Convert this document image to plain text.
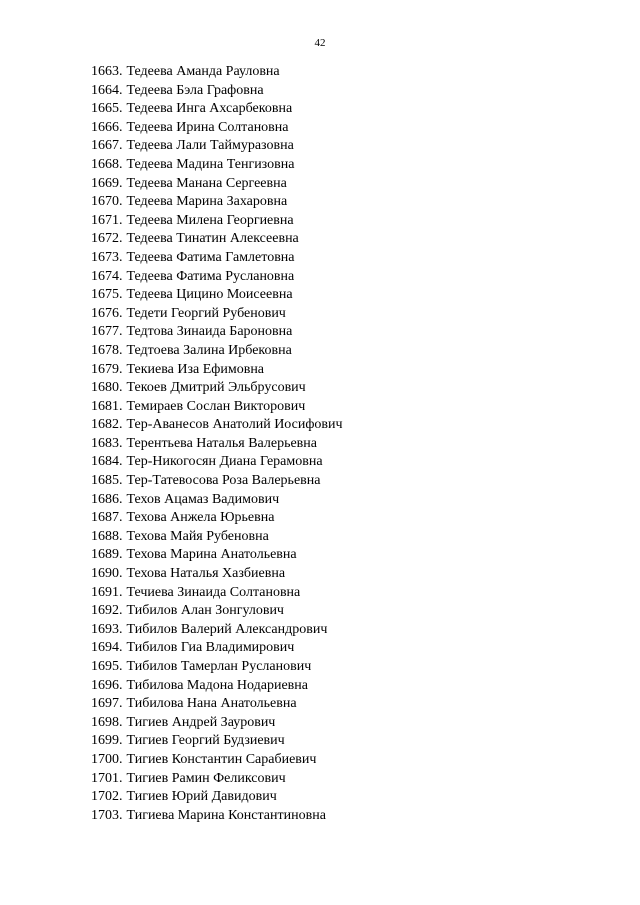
42
1663. Тедеева Аманда Рауловна
1664. Тедеева Бэла Графовна
1665. Тедеева Инга Ахсарбековна
1666. Тедеева Ирина Солтановна
1667. Тедеева Лали Таймуразовна
1668. Тедеева Мадина Тенгизовна
1669. Тедеева Манана Сергеевна
1670. Тедеева Марина Захаровна
1671. Тедеева Милена Георгиевна
1672. Тедеева Тинатин Алексеевна
1673. Тедеева Фатима Гамлетовна
1674. Тедеева Фатима Руслановна
1675. Тедеева Цицино Моисеевна
1676. Тедети Георгий Рубенович
1677. Тедтова Зинаида Бароновна
1678. Тедтоева Залина Ирбековна
1679. Текиева Иза Ефимовна
1680. Текоев Дмитрий Эльбрусович
1681. Темираев Сослан Викторович
1682. Тер-Аванесов Анатолий Иосифович
1683. Терентьева Наталья Валерьевна
1684. Тер-Никогосян Диана Герамовна
1685. Тер-Татевосова Роза Валерьевна
1686. Техов Ацамаз Вадимович
1687. Техова Анжела Юрьевна
1688. Техова Майя Рубеновна
1689. Техова Марина Анатольевна
1690. Техова Наталья Хазбиевна
1691. Течиева Зинаида Солтановна
1692. Тибилов Алан Зонгулович
1693. Тибилов Валерий Александрович
1694. Тибилов Гиа Владимирович
1695. Тибилов Тамерлан Русланович
1696. Тибилова Мадона Нодариевна
1697. Тибилова Нана Анатольевна
1698. Тигиев Андрей Заурович
1699. Тигиев Георгий Будзиевич
1700. Тигиев Константин Сарабиевич
1701. Тигиев Рамин Феликсович
1702. Тигиев Юрий Давидович
1703. Тигиева Марина Константиновна
